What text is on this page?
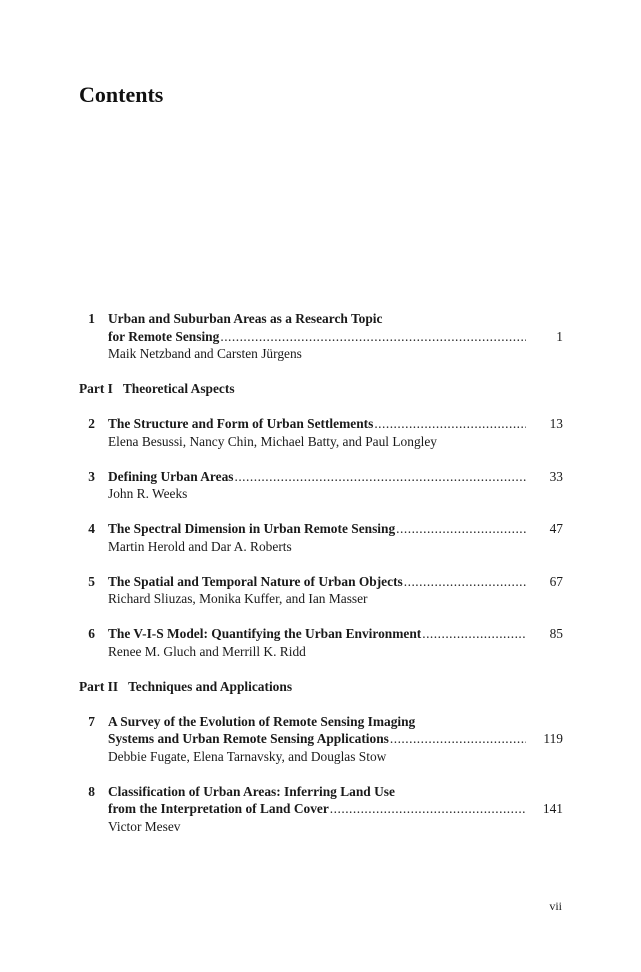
Contents
1 Urban and Suburban Areas as a Research Topic
for Remote Sensing .....	1
Maik Netzband and Carsten Jürgens
Part I Theoretical Aspects
2 The Structure and Form of Urban Settlements .....	13
Elena Besussi, Nancy Chin, Michael Batty, and Paul Longley
3 Defining Urban Areas .....	33
John R. Weeks
4 The Spectral Dimension in Urban Remote Sensing .....	47
Martin Herold and Dar A. Roberts
5 The Spatial and Temporal Nature of Urban Objects .....	67
Richard Sliuzas, Monika Kuffer, and Ian Masser
6 The V-I-S Model: Quantifying the Urban Environment .....	85
Renee M. Gluch and Merrill K. Ridd
Part II Techniques and Applications
7 A Survey of the Evolution of Remote Sensing Imaging
Systems and Urban Remote Sensing Applications .....	119
Debbie Fugate, Elena Tarnavsky, and Douglas Stow
8 Classification of Urban Areas: Inferring Land Use
from the Interpretation of Land Cover .....	141
Victor Mesev
vii
